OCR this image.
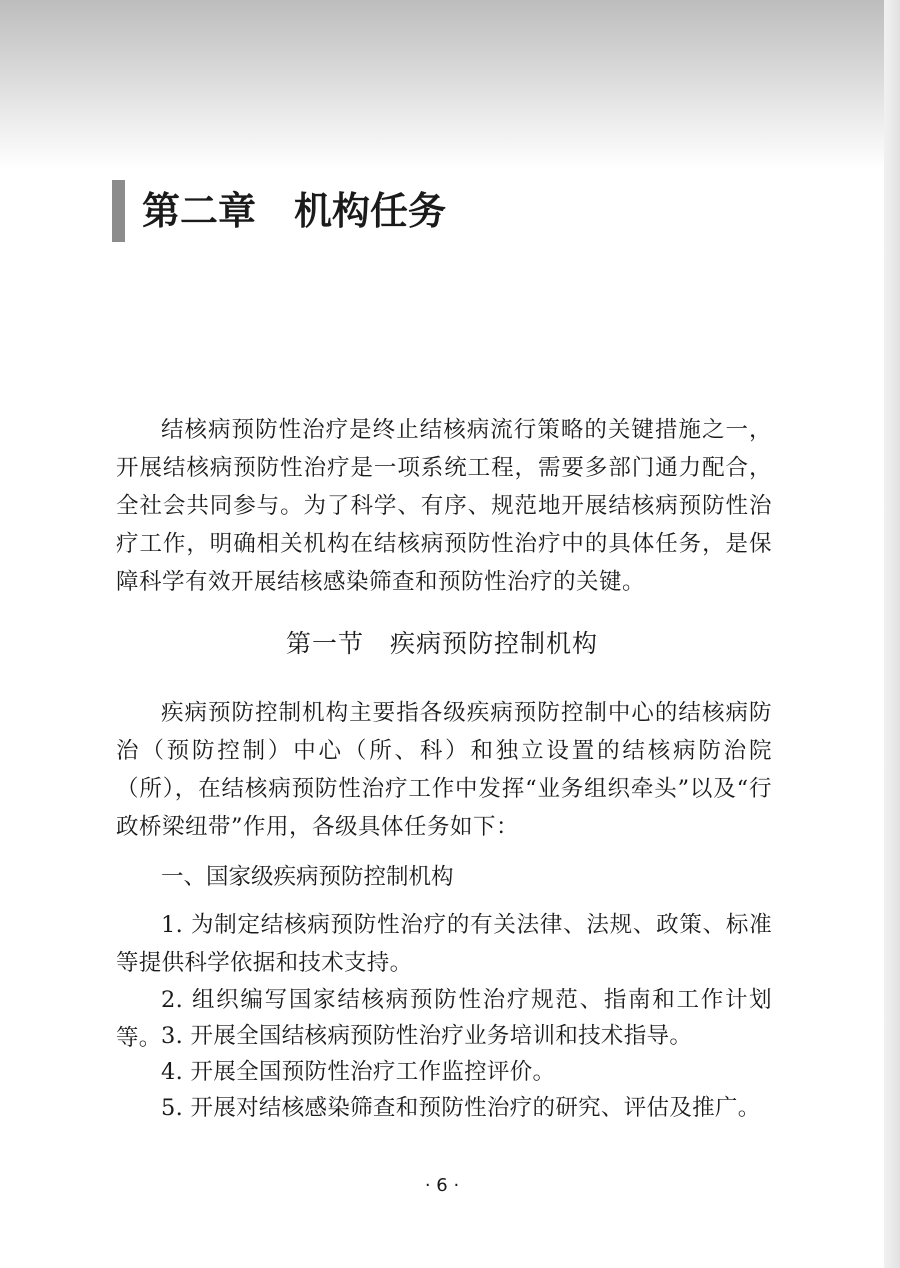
第二章 机构任务

结核病预防性治疗是终止结核病流行策略的关键措施之一，开展结核病预防性治疗是一项系统工程，需要多部门通力配合，全社会共同参与。为了科学、有序、规范地开展结核病预防性治疗工作，明确相关机构在结核病预防性治疗中的具体任务，是保障科学有效开展结核感染筛查和预防性治疗的关键。

第一节 疾病预防控制机构

疾病预防控制机构主要指各级疾病预防控制中心的结核病防治（预防控制）中心（所、科）和独立设置的结核病防治院（所），在结核病预防性治疗工作中发挥“业务组织牵头”以及“行政桥梁纽带”作用，各级具体任务如下：

一、国家级疾病预防控制机构

1. 为制定结核病预防性治疗的有关法律、法规、政策、标准等提供科学依据和技术支持。

2. 组织编写国家结核病预防性治疗规范、指南和工作计划等。 3. 开展全国结核病预防性治疗业务培训和技术指导。

4. 开展全国预防性治疗工作监控评价。

5. 开展对结核感染筛查和预防性治疗的研究、评估及推广。

· 6 ·
